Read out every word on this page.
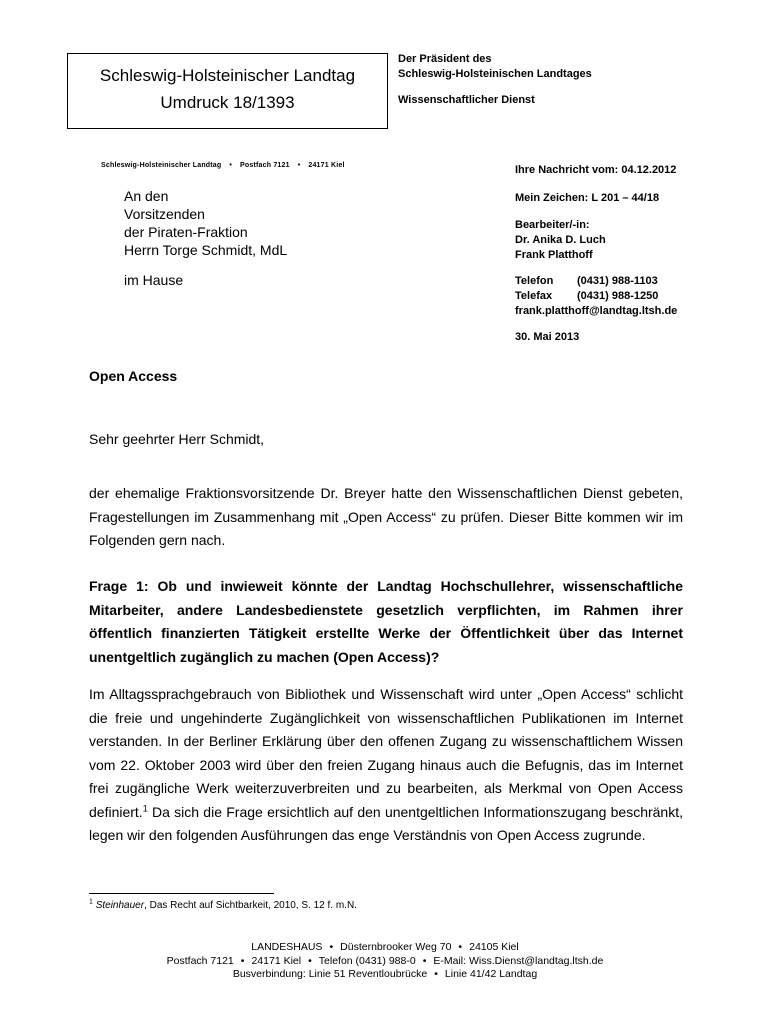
Schleswig-Holsteinischer Landtag
Umdruck 18/1393
Der Präsident des
Schleswig-Holsteinischen Landtages
Wissenschaftlicher Dienst
Schleswig-Holsteinischer Landtag • Postfach 7121 • 24171 Kiel
An den
Vorsitzenden
der Piraten-Fraktion
Herrn Torge Schmidt, MdL
im Hause
Ihre Nachricht vom: 04.12.2012
Mein Zeichen: L 201 – 44/18
Bearbeiter/-in:
Dr. Anika D. Luch
Frank Platthoff
Telefon (0431) 988-1103
Telefax (0431) 988-1250
frank.platthoff@landtag.ltsh.de
30. Mai 2013
Open Access
Sehr geehrter Herr Schmidt,
der ehemalige Fraktionsvorsitzende Dr. Breyer hatte den Wissenschaftlichen Dienst gebeten, Fragestellungen im Zusammenhang mit „Open Access“ zu prüfen. Dieser Bitte kommen wir im Folgenden gern nach.
Frage 1: Ob und inwieweit könnte der Landtag Hochschullehrer, wissenschaftliche Mitarbeiter, andere Landesbedienstete gesetzlich verpflichten, im Rahmen ihrer öffentlich finanzierten Tätigkeit erstellte Werke der Öffentlichkeit über das Internet unentgeltlich zugänglich zu machen (Open Access)?
Im Alltagssprachgebrauch von Bibliothek und Wissenschaft wird unter „Open Access“ schlicht die freie und ungehinderte Zugänglichkeit von wissenschaftlichen Publikationen im Internet verstanden. In der Berliner Erklärung über den offenen Zugang zu wissenschaftlichem Wissen vom 22. Oktober 2003 wird über den freien Zugang hinaus auch die Befugnis, das im Internet frei zugängliche Werk weiterzuverbreiten und zu bearbeiten, als Merkmal von Open Access definiert.$^1$ Da sich die Frage ersichtlich auf den unentgeltlichen Informationszugang beschränkt, legen wir den folgenden Ausführungen das enge Verständnis von Open Access zugrunde.
$^1$ Steinhauer, Das Recht auf Sichtbarkeit, 2010, S. 12 f. m.N.
LANDESHAUS • Düsternbrooker Weg 70 • 24105 Kiel
Postfach 7121 • 24171 Kiel • Telefon (0431) 988-0 • E-Mail: Wiss.Dienst@landtag.ltsh.de
Busverbindung: Linie 51 Reventloubrücke • Linie 41/42 Landtag
